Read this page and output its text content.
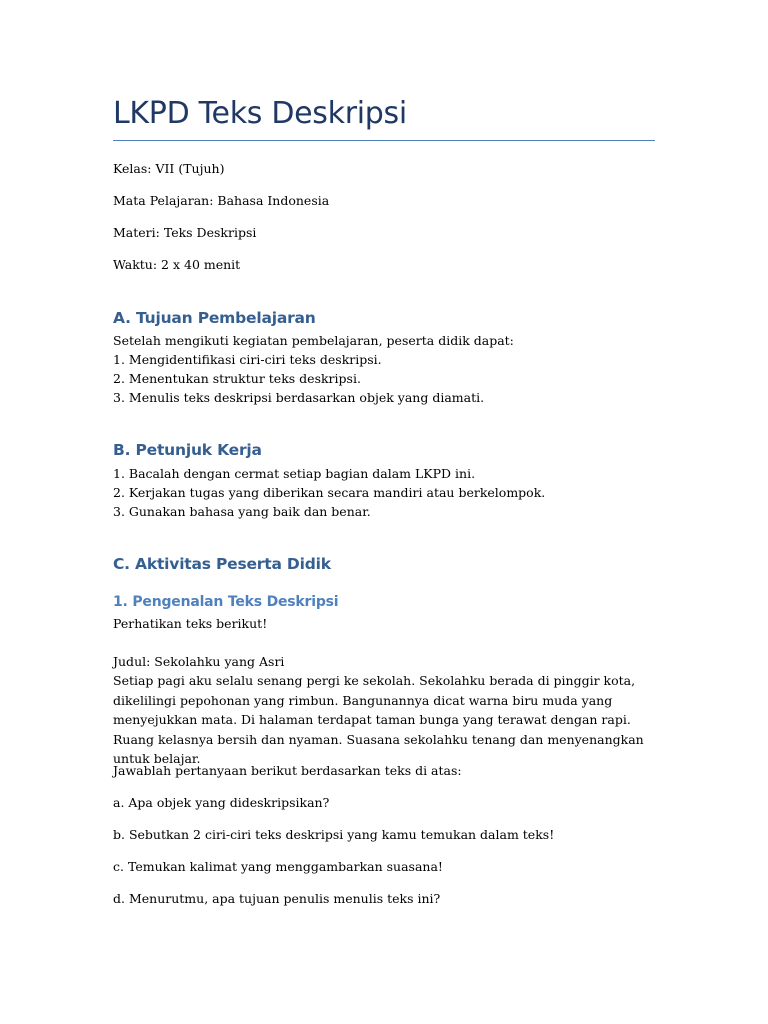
LKPD Teks Deskripsi

Kelas: VII (Tujuh)

Mata Pelajaran: Bahasa Indonesia

Materi: Teks Deskripsi

Waktu: 2 x 40 menit

A. Tujuan Pembelajaran

Setelah mengikuti kegiatan pembelajaran, peserta didik dapat:

1. Mengidentifikasi ciri-ciri teks deskripsi.

2. Menentukan struktur teks deskripsi.

3. Menulis teks deskripsi berdasarkan objek yang diamati.

B. Petunjuk Kerja

1. Bacalah dengan cermat setiap bagian dalam LKPD ini.

2. Kerjakan tugas yang diberikan secara mandiri atau berkelompok.

3. Gunakan bahasa yang baik dan benar.

C. Aktivitas Peserta Didik
1. Pengenalan Teks Deskripsi

Perhatikan teks berikut!

Judul: Sekolahku yang Asri

Setiap pagi aku selalu senang pergi ke sekolah. Sekolahku berada di pinggir kota, dikelilingi pepohonan yang rimbun. Bangunannya dicat warna biru muda yang menyejukkan mata. Di halaman terdapat taman bunga yang terawat dengan rapi. Ruang kelasnya bersih dan nyaman. Suasana sekolahku tenang dan menyenangkan untuk belajar.

Jawablah pertanyaan berikut berdasarkan teks di atas:

a. Apa objek yang dideskripsikan?

b. Sebutkan 2 ciri-ciri teks deskripsi yang kamu temukan dalam teks!

c. Temukan kalimat yang menggambarkan suasana!

d. Menurutmu, apa tujuan penulis menulis teks ini?
